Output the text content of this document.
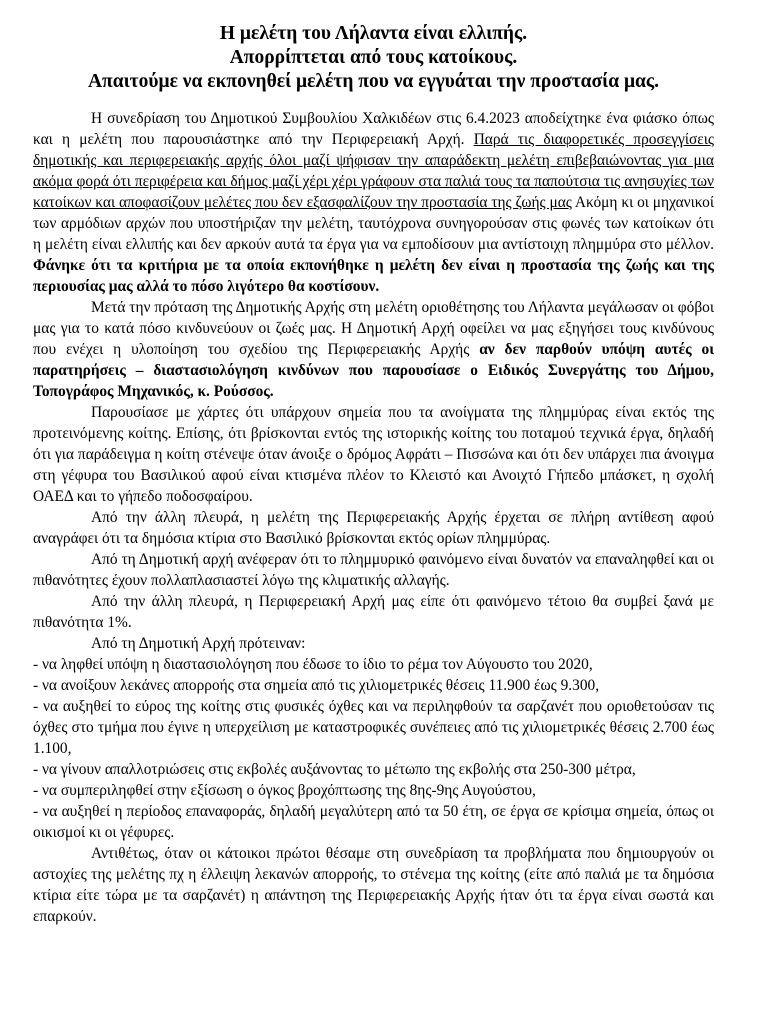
Η μελέτη του Λήλαντα είναι ελλιπής.
Απορρίπτεται από τους κατοίκους.
Απαιτούμε να εκπονηθεί μελέτη που να εγγυάται την προστασία μας.

Η συνεδρίαση του Δημοτικού Συμβουλίου Χαλκιδέων στις 6.4.2023 αποδείχτηκε ένα φιάσκο όπως και η μελέτη που παρουσιάστηκε από την Περιφερειακή Αρχή. Παρά τις διαφορετικές προσεγγίσεις δημοτικής και περιφερειακής αρχής όλοι μαζί ψήφισαν την απαράδεκτη μελέτη επιβεβαιώνοντας για μια ακόμα φορά ότι περιφέρεια και δήμος μαζί χέρι χέρι γράφουν στα παλιά τους τα παπούτσια τις ανησυχίες των κατοίκων και αποφασίζουν μελέτες που δεν εξασφαλίζουν την προστασία της ζωής μας Ακόμη κι οι μηχανικοί των αρμόδιων αρχών που υποστήριζαν την μελέτη, ταυτόχρονα συνηγορούσαν στις φωνές των κατοίκων ότι η μελέτη είναι ελλιπής και δεν αρκούν αυτά τα έργα για να εμποδίσουν μια αντίστοιχη πλημμύρα στο μέλλον. Φάνηκε ότι τα κριτήρια με τα οποία εκπονήθηκε η μελέτη δεν είναι η προστασία της ζωής και της περιουσίας μας αλλά το πόσο λιγότερο θα κοστίσουν.

Μετά την πρόταση της Δημοτικής Αρχής στη μελέτη οριοθέτησης του Λήλαντα μεγάλωσαν οι φόβοι μας για το κατά πόσο κινδυνεύουν οι ζωές μας. Η Δημοτική Αρχή οφείλει να μας εξηγήσει τους κινδύνους που ενέχει η υλοποίηση του σχεδίου της Περιφερειακής Αρχής αν δεν παρθούν υπόψη αυτές οι παρατηρήσεις – διαστασιολόγηση κινδύνων που παρουσίασε ο Ειδικός Συνεργάτης του Δήμου, Τοπογράφος Μηχανικός, κ. Ρούσσος.

Παρουσίασε με χάρτες ότι υπάρχουν σημεία που τα ανοίγματα της πλημμύρας είναι εκτός της προτεινόμενης κοίτης. Επίσης, ότι βρίσκονται εντός της ιστορικής κοίτης του ποταμού τεχνικά έργα, δηλαδή ότι για παράδειγμα η κοίτη στένεψε όταν άνοιξε ο δρόμος Αφράτι – Πισσώνα και ότι δεν υπάρχει πια άνοιγμα στη γέφυρα του Βασιλικού αφού είναι κτισμένα πλέον το Κλειστό και Ανοιχτό Γήπεδο μπάσκετ, η σχολή ΟΑΕΔ και το γήπεδο ποδοσφαίρου.

Από την άλλη πλευρά, η μελέτη της Περιφερειακής Αρχής έρχεται σε πλήρη αντίθεση αφού αναγράφει ότι τα δημόσια κτίρια στο Βασιλικό βρίσκονται εκτός ορίων πλημμύρας.

Από τη Δημοτική αρχή ανέφεραν ότι το πλημμυρικό φαινόμενο είναι δυνατόν να επαναληφθεί και οι πιθανότητες έχουν πολλαπλασιαστεί λόγω της κλιματικής αλλαγής.

Από την άλλη πλευρά, η Περιφερειακή Αρχή μας είπε ότι φαινόμενο τέτοιο θα συμβεί ξανά με πιθανότητα 1%.

Από τη Δημοτική Αρχή πρότειναν:

- να ληφθεί υπόψη η διαστασιολόγηση που έδωσε το ίδιο το ρέμα τον Αύγουστο του 2020,

- να ανοίξουν λεκάνες απορροής στα σημεία από τις χιλιομετρικές θέσεις 11.900 έως 9.300,

- να αυξηθεί το εύρος της κοίτης στις φυσικές όχθες και να περιληφθούν τα σαρζανέτ που οριοθετούσαν τις όχθες στο τμήμα που έγινε η υπερχείλιση με καταστροφικές συνέπειες από τις χιλιομετρικές θέσεις 2.700 έως 1.100,

- να γίνουν απαλλοτριώσεις στις εκβολές αυξάνοντας το μέτωπο της εκβολής στα 250-300 μέτρα,

- να συμπεριληφθεί στην εξίσωση ο όγκος βροχόπτωσης της 8ης-9ης Αυγούστου,

- να αυξηθεί η περίοδος επαναφοράς, δηλαδή μεγαλύτερη από τα 50 έτη, σε έργα σε κρίσιμα σημεία, όπως οι οικισμοί κι οι γέφυρες.

Αντιθέτως, όταν οι κάτοικοι πρώτοι θέσαμε στη συνεδρίαση τα προβλήματα που δημιουργούν οι αστοχίες της μελέτης πχ η έλλειψη λεκανών απορροής, το στένεμα της κοίτης (είτε από παλιά με τα δημόσια κτίρια είτε τώρα με τα σαρζανέτ) η απάντηση της Περιφερειακής Αρχής ήταν ότι τα έργα είναι σωστά και επαρκούν.
